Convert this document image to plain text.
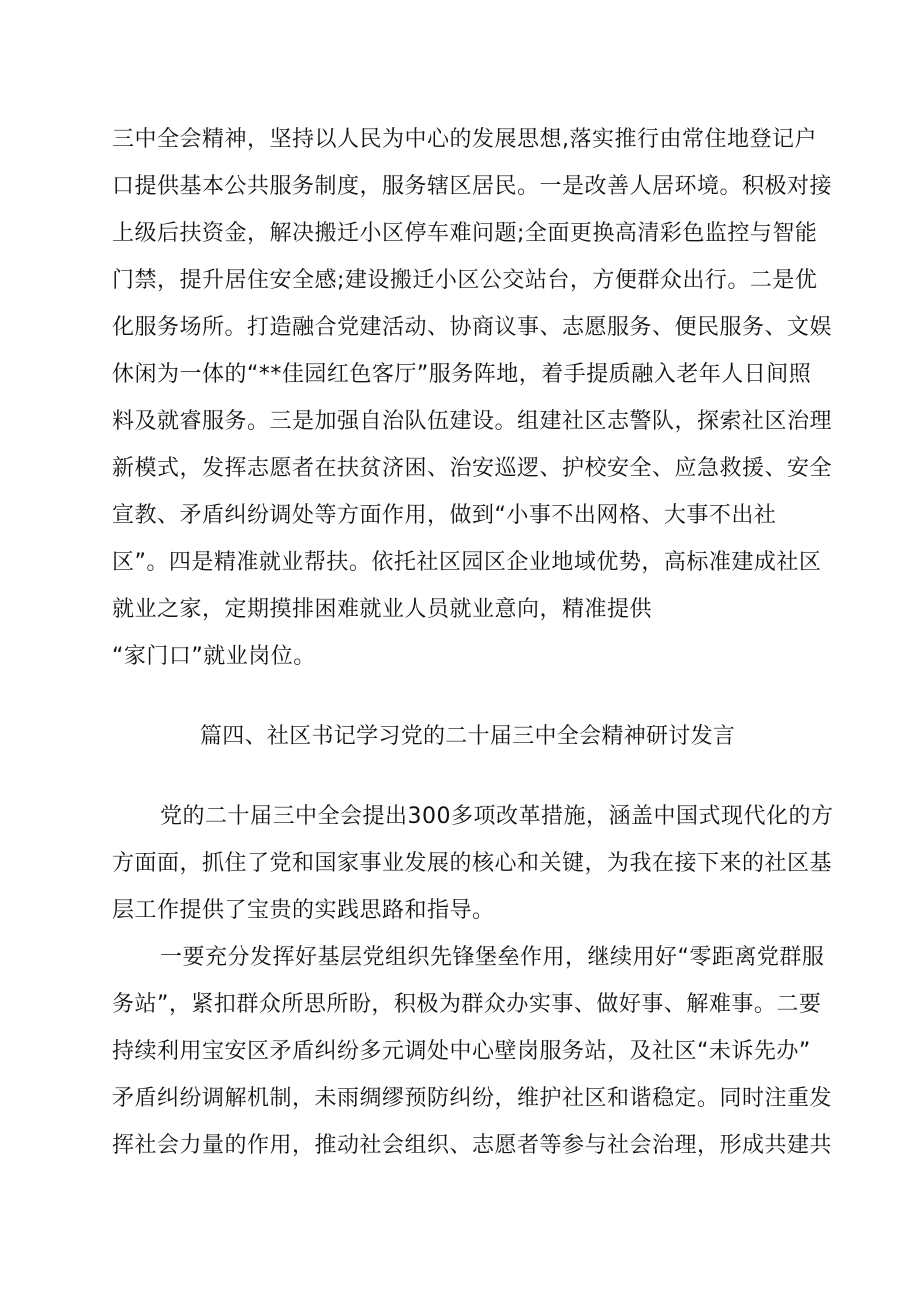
三中全会精神，坚持以人民为中心的发展思想,落实推行由常住地登记户
口提供基本公共服务制度，服务辖区居民。一是改善人居环境。积极对接
上级后扶资金，解决搬迁小区停车难问题;全面更换高清彩色监控与智能
门禁，提升居住安全感;建设搬迁小区公交站台，方便群众出行。二是优
化服务场所。打造融合党建活动、协商议事、志愿服务、便民服务、文娱
休闲为一体的“**佳园红色客厅”服务阵地，着手提质融入老年人日间照
料及就睿服务。三是加强自治队伍建设。组建社区志警队，探索社区治理
新模式，发挥志愿者在扶贫济困、治安巡逻、护校安全、应急救援、安全
宣教、矛盾纠纷调处等方面作用，做到“小事不出网格、大事不出社
区”。四是精准就业帮扶。依托社区园区企业地域优势，高标准建成社区
就业之家，定期摸排困难就业人员就业意向，精准提供
“家门口”就业岗位。
篇四、社区书记学习党的二十届三中全会精神研讨发言
党的二十届三中全会提出300多项改革措施，涵盖中国式现代化的方
方面面，抓住了党和国家事业发展的核心和关键，为我在接下来的社区基
层工作提供了宝贵的实践思路和指导。
一要充分发挥好基层党组织先锋堡垒作用，继续用好“零距离党群服
务站”，紧扣群众所思所盼，积极为群众办实事、做好事、解难事。二要
持续利用宝安区矛盾纠纷多元调处中心壁岗服务站，及社区“未诉先办”
矛盾纠纷调解机制，未雨绸缪预防纠纷，维护社区和谐稳定。同时注重发
挥社会力量的作用，推动社会组织、志愿者等参与社会治理，形成共建共
